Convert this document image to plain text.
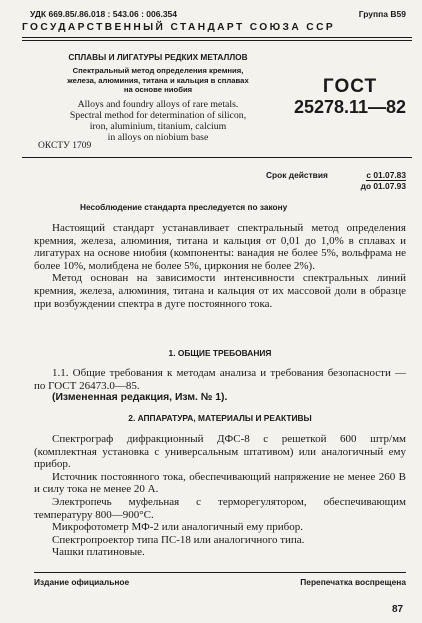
УДК 669.85/.86.018 : 543.06 : 006.354	Группа В59
ГОСУДАРСТВЕННЫЙ СТАНДАРТ СОЮЗА ССР
СПЛАВЫ И ЛИГАТУРЫ РЕДКИХ МЕТАЛЛОВ
Спектральный метод определения кремния,
железа, алюминия, титана и кальция в сплавах
на основе ниобия
Alloys and foundry alloys of rare metals.
Spectral method for determination of silicon,
iron, aluminium, titanium, calcium
in alloys on niobium base
ГОСТ
25278.11—82
ОКСТУ 1709
Срок действия	с 01.07.83
до 01.07.93
Несоблюдение стандарта преследуется по закону

Настоящий стандарт устанавливает спектральный метод определения кремния, железа, алюминия, титана и кальция от 0,01 до 1,0% в сплавах и лигатурах на основе ниобия (компоненты: ванадия не более 5%, вольфрама не более 10%, молибдена не более 5%, циркония не более 2%).

Метод основан на зависимости интенсивности спектральных линий кремния, железа, алюминия, титана и кальция от их массовой доли в образце при возбуждении спектра в дуге постоянного тока.

1. ОБЩИЕ ТРЕБОВАНИЯ

1.1. Общие требования к методам анализа и требования безопасности — по ГОСТ 26473.0—85.

(Измененная редакция, Изм. № 1).

2. АППАРАТУРА, МАТЕРИАЛЫ И РЕАКТИВЫ

Спектрограф дифракционный ДФС-8 с решеткой 600 штр/мм (комплектная установка с универсальным штативом) или аналогичный ему прибор.

Источник постоянного тока, обеспечивающий напряжение не менее 260 В и силу тока не менее 20 А.

Электропечь муфельная с терморегулятором, обеспечивающим температуру 800—900°С.

Микрофотометр МФ-2 или аналогичный ему прибор.

Спектропроектор типа ПС-18 или аналогичного типа.

Чашки платиновые.

Издание официальное	Перепечатка воспрещена
87
